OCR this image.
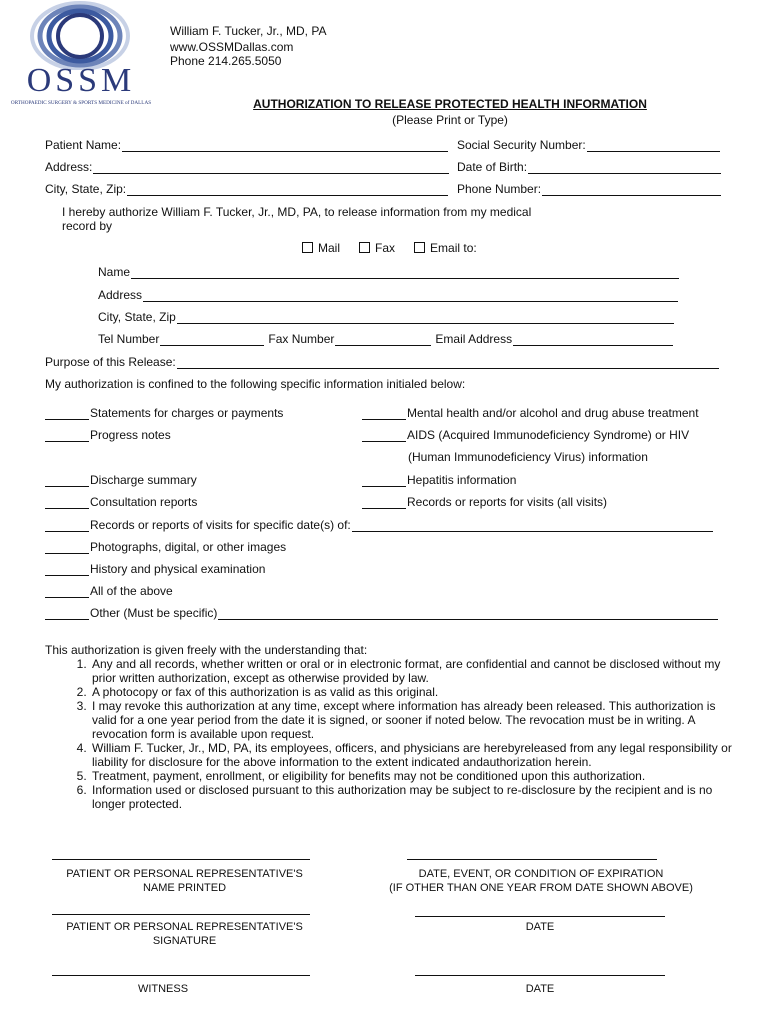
OSSM
ORTHOPAEDIC SURGERY & SPORTS MEDICINE of DALLAS
William F. Tucker, Jr., MD, PA
www.OSSMDallas.com
Phone 214.265.5050
AUTHORIZATION TO RELEASE PROTECTED HEALTH INFORMATION
(Please Print or Type)
Patient Name:	Social Security Number:
Address:	Date of Birth:
City, State, Zip:	Phone Number:
I hereby authorize William F. Tucker, Jr., MD, PA, to release information from my medical record by
Mail	Fax	Email to:
Name
Address
City, State, Zip
Tel Number	Fax Number	Email Address
Purpose of this Release:
My authorization is confined to the following specific information initialed below:
Statements for charges or payments	Mental health and/or alcohol and drug abuse treatment
Progress notes	AIDS (Acquired Immunodeficiency Syndrome) or HIV
(Human Immunodeficiency Virus) information
Discharge summary	Hepatitis information
Consultation reports	Records or reports for visits (all visits)
Records or reports of visits for specific date(s) of:
Photographs, digital, or other images
History and physical examination
All of the above
Other (Must be specific)
This authorization is given freely with the understanding that:
1. Any and all records, whether written or oral or in electronic format, are confidential and cannot be disclosed without my prior written authorization, except as otherwise provided by law.
2. A photocopy or fax of this authorization is as valid as this original.
3. I may revoke this authorization at any time, except where information has already been released. This authorization is valid for a one year period from the date it is signed, or sooner if noted below. The revocation must be in writing. A revocation form is available upon request.
4. William F. Tucker, Jr., MD, PA, its employees, officers, and physicians are herebyreleased from any legal responsibility or liability for disclosure for the above information to the extent indicated andauthorization herein.
5. Treatment, payment, enrollment, or eligibility for benefits may not be conditioned upon this authorization.
6. Information used or disclosed pursuant to this authorization may be subject to re-disclosure by the recipient and is no longer protected.
PATIENT OR PERSONAL REPRESENTATIVE'S
NAME PRINTED
DATE, EVENT, OR CONDITION OF EXPIRATION
(IF OTHER THAN ONE YEAR FROM DATE SHOWN ABOVE)
PATIENT OR PERSONAL REPRESENTATIVE'S
SIGNATURE
DATE
WITNESS	DATE
